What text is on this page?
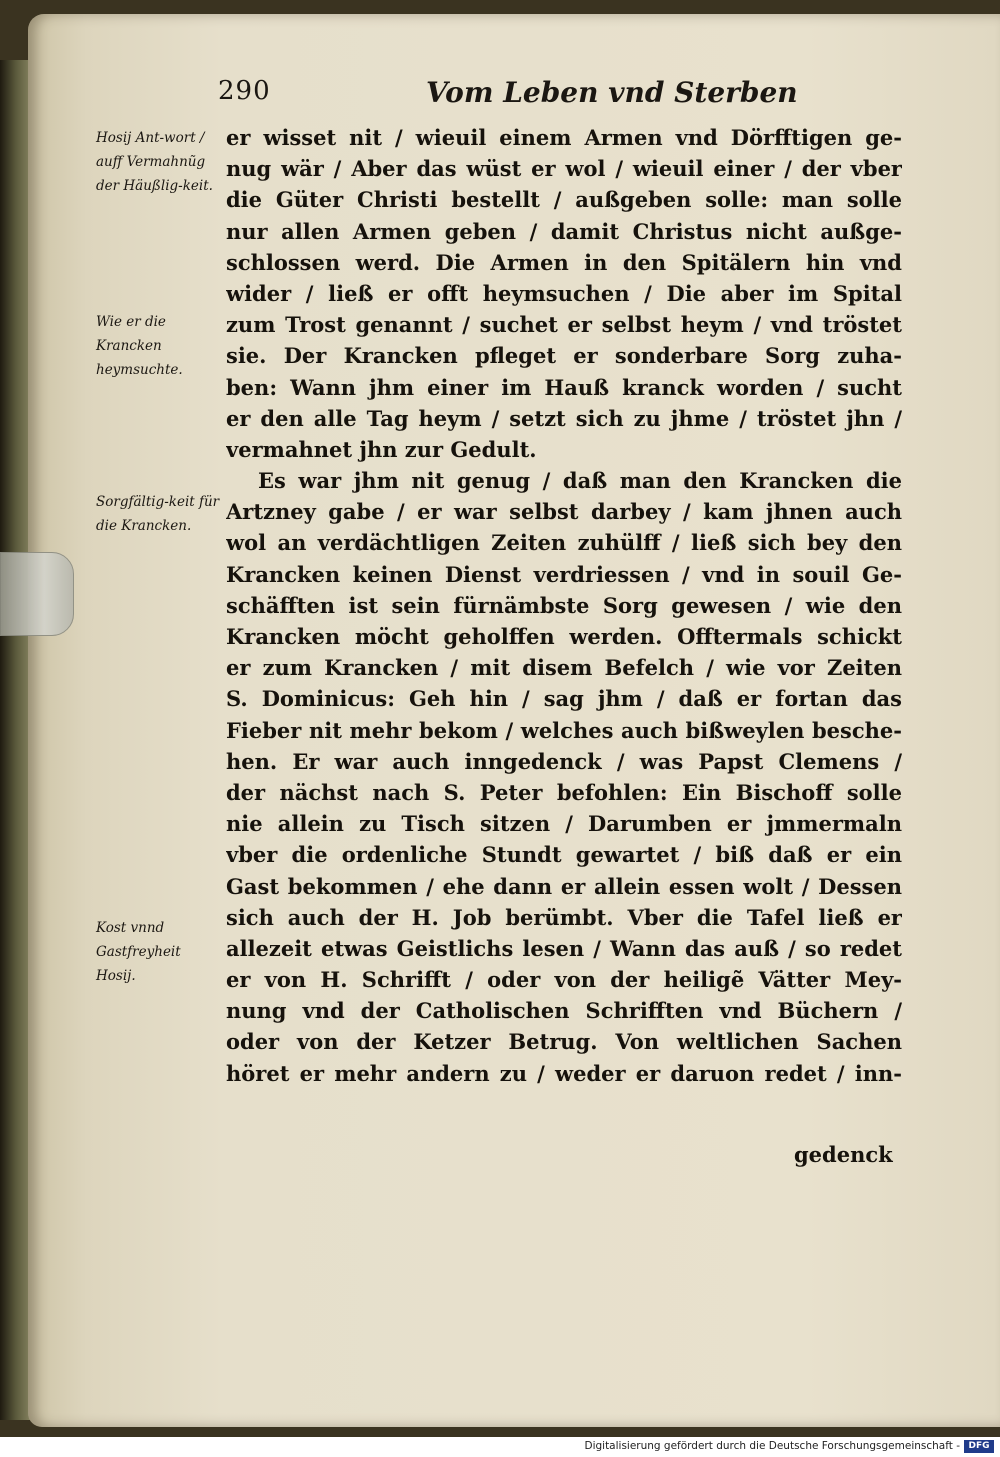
290	Vom Leben vnd Sterben
Hosij Ant-wort / auff Vermahnũg der Häußlig-keit.
Wie er die Krancken heymsuchte.
Sorgfältig-keit für die Krancken.
Kost vnnd Gastfreyheit Hosij.
er wisset nit / wieuil einem Armen vnd Dörfftigen ge-
nug wär / Aber das wüst er wol / wieuil einer / der vber
die Güter Christi bestellt / außgeben solle: man solle
nur allen Armen geben / damit Christus nicht außge-
schlossen werd. Die Armen in den Spitälern hin vnd
wider / ließ er offt heymsuchen / Die aber im Spital
zum Trost genannt / suchet er selbst heym / vnd tröstet
sie. Der Krancken pfleget er sonderbare Sorg zuha-
ben: Wann jhm einer im Hauß kranck worden / sucht
er den alle Tag heym / setzt sich zu jhme / tröstet jhn /
vermahnet jhn zur Gedult.
Es war jhm nit genug / daß man den Krancken die
Artzney gabe / er war selbst darbey / kam jhnen auch
wol an verdächtligen Zeiten zuhülff / ließ sich bey den
Krancken keinen Dienst verdriessen / vnd in souil Ge-
schäfften ist sein fürnämbste Sorg gewesen / wie den
Krancken möcht geholffen werden. Offtermals schickt
er zum Krancken / mit disem Befelch / wie vor Zeiten
S. Dominicus: Geh hin / sag jhm / daß er fortan das
Fieber nit mehr bekom / welches auch bißweylen besche-
hen. Er war auch inngedenck / was Papst Clemens /
der nächst nach S. Peter befohlen: Ein Bischoff solle
nie allein zu Tisch sitzen / Darumben er jmmermaln
vber die ordenliche Stundt gewartet / biß daß er ein
Gast bekommen / ehe dann er allein essen wolt / Dessen
sich auch der H. Job berümbt. Vber die Tafel ließ er
allezeit etwas Geistlichs lesen / Wann das auß / so redet
er von H. Schrifft / oder von der heiligẽ Vätter Mey-
nung vnd der Catholischen Schrifften vnd Büchern /
oder von der Ketzer Betrug. Von weltlichen Sachen
höret er mehr andern zu / weder er daruon redet / inn-
gedenck
Digitalisierung gefördert durch die Deutsche Forschungsgemeinschaft - DFG
